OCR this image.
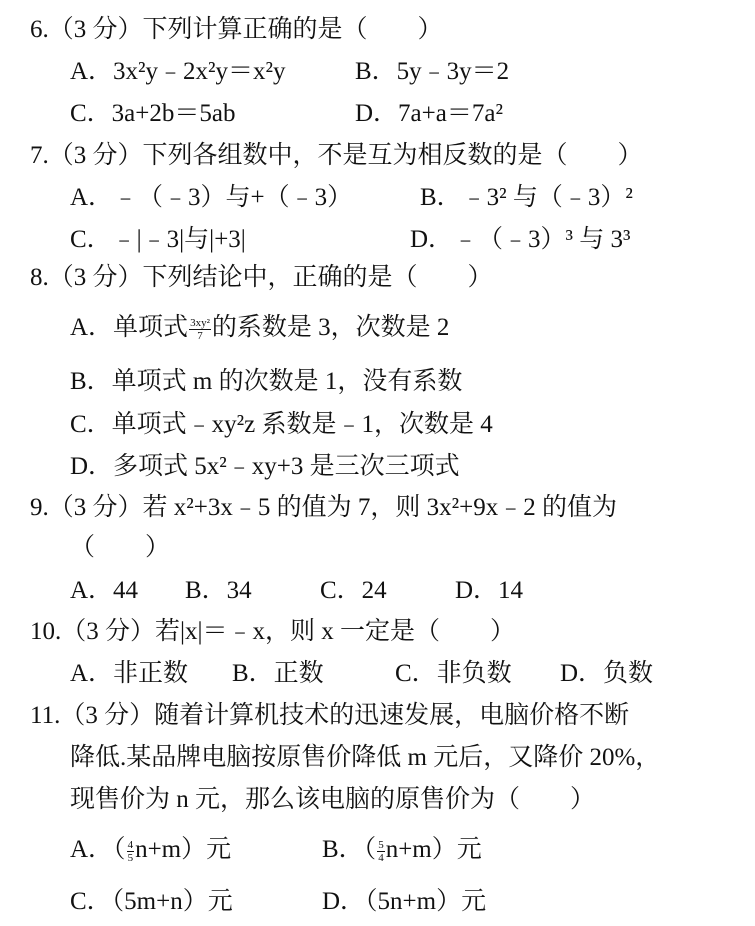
6.（3 分）下列计算正确的是（　　）
A．3x²y﹣2x²y＝x²y	B．5y﹣3y＝2
C．3a+2b＝5ab	D．7a+a＝7a²
7.（3 分）下列各组数中，不是互为相反数的是（　　）
A．﹣（﹣3）与+（﹣3）	B．﹣3² 与（﹣3）²
C．﹣|﹣3|与|+3|	D．﹣（﹣3）³ 与 3³
8.（3 分）下列结论中，正确的是（　　）
A．单项式 $\frac{\text{3xy²}}{7}$ 的系数是 3，次数是 2
B．单项式 m 的次数是 1，没有系数
C．单项式﹣xy²z 系数是﹣1，次数是 4
D．多项式 5x²﹣xy+3 是三次三项式
9.（3 分）若 x²+3x﹣5 的值为 7，则 3x²+9x﹣2 的值为
（　　）
A．44 B．34	C．24	D．14
10.（3 分）若|x|＝﹣x，则 x 一定是（　　）
A．非正数 B．正数	C．非负数 D．负数
11.（3 分）随着计算机技术的迅速发展，电脑价格不断
降低.某品牌电脑按原售价降低 m 元后，又降价 20%，
现售价为 n 元，那么该电脑的原售价为（　　）
A．（ $\frac{4}{5} n+m$）元	B．（ $\frac{5}{4} n+m$）元
C．（5m+n）元	D．（5n+m）元
